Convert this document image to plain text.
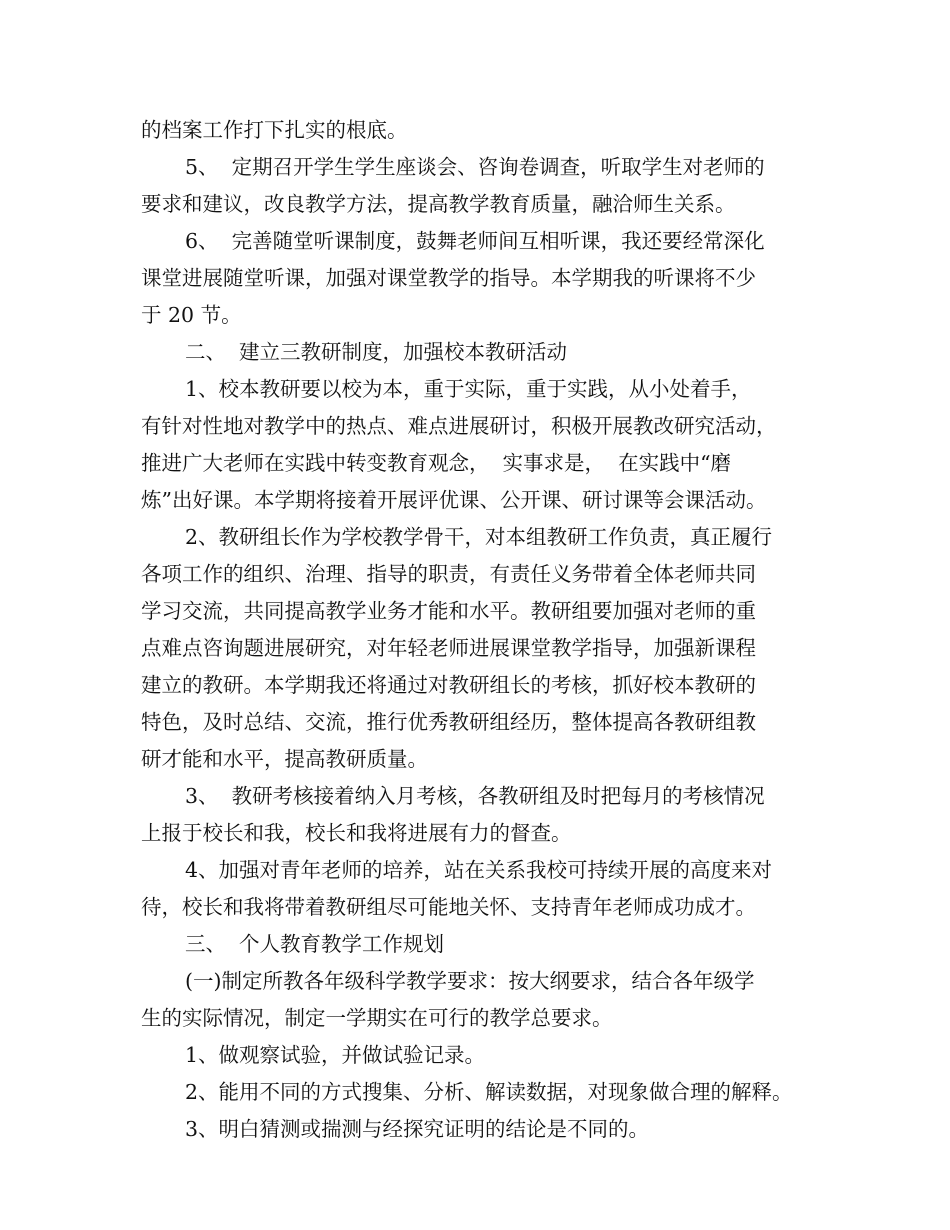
的档案工作打下扎实的根底。
5、  定期召开学生学生座谈会、咨询卷调查，听取学生对老师的
要求和建议，改良教学方法，提高教学教育质量，融洽师生关系。
6、  完善随堂听课制度，鼓舞老师间互相听课，我还要经常深化
课堂进展随堂听课，加强对课堂教学的指导。本学期我的听课将不少
于 20 节。
二、  建立三教研制度，加强校本教研活动
1、校本教研要以校为本，重于实际，重于实践，从小处着手，
有针对性地对教学中的热点、难点进展研讨，积极开展教改研究活动，
推进广大老师在实践中转变教育观念，  实事求是，  在实践中“磨
炼”出好课。本学期将接着开展评优课、公开课、研讨课等会课活动。
2、教研组长作为学校教学骨干，对本组教研工作负责，真正履行
各项工作的组织、治理、指导的职责，有责任义务带着全体老师共同
学习交流，共同提高教学业务才能和水平。教研组要加强对老师的重
点难点咨询题进展研究，对年轻老师进展课堂教学指导，加强新课程
建立的教研。本学期我还将通过对教研组长的考核，抓好校本教研的
特色，及时总结、交流，推行优秀教研组经历，整体提高各教研组教
研才能和水平，提高教研质量。
3、  教研考核接着纳入月考核，各教研组及时把每月的考核情况
上报于校长和我，校长和我将进展有力的督查。
4、加强对青年老师的培养，站在关系我校可持续开展的高度来对
待，校长和我将带着教研组尽可能地关怀、支持青年老师成功成才。
三、  个人教育教学工作规划
(一)制定所教各年级科学教学要求：按大纲要求，结合各年级学
生的实际情况，制定一学期实在可行的教学总要求。
1、做观察试验，并做试验记录。
2、能用不同的方式搜集、分析、解读数据，对现象做合理的解释。
3、明白猜测或揣测与经探究证明的结论是不同的。
